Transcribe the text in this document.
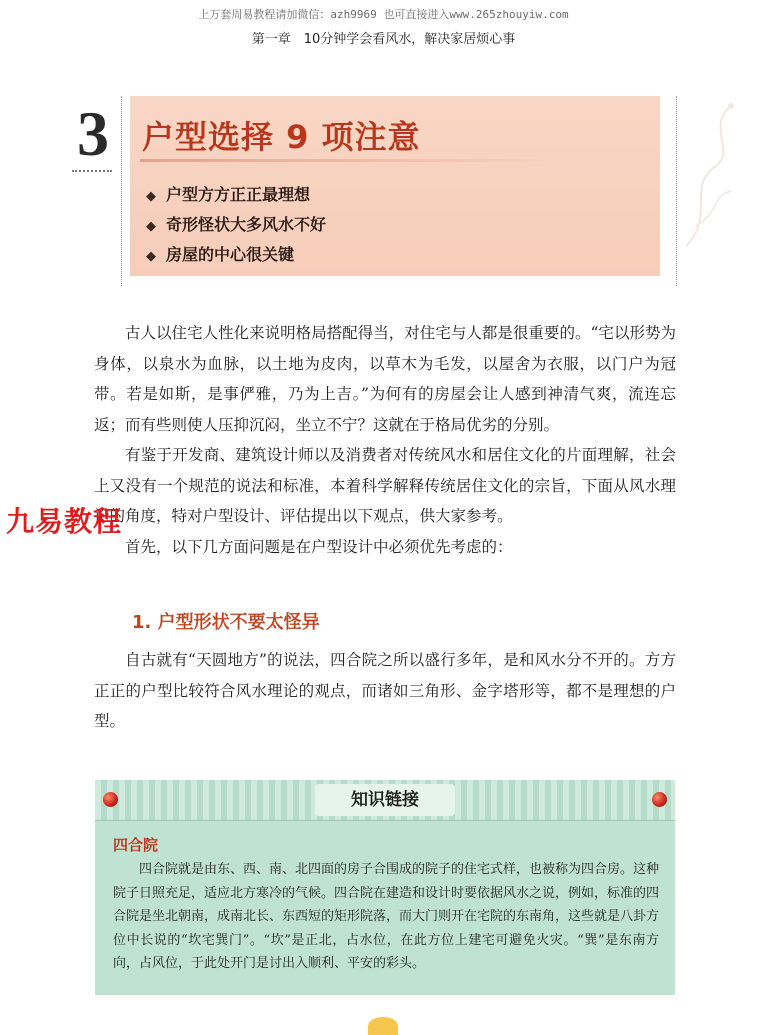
上万套周易教程请加微信：azh9969 也可直接进入www.265zhouyiw.com
第一章　10分钟学会看风水，解决家居烦心事
3 户型选择 9 项注意
◆ 户型方方正正最理想
◆ 奇形怪状大多风水不好
◆ 房屋的中心很关键

古人以住宅人性化来说明格局搭配得当，对住宅与人都是很重要的。“宅以形势为身体，以泉水为血脉，以土地为皮肉，以草木为毛发，以屋舍为衣服，以门户为冠带。若是如斯，是事俨雅，乃为上吉。”为何有的房屋会让人感到神清气爽，流连忘返；而有些则使人压抑沉闷，坐立不宁？这就在于格局优劣的分别。

有鉴于开发商、建筑设计师以及消费者对传统风水和居住文化的片面理解，社会上又没有一个规范的说法和标准，本着科学解释传统居住文化的宗旨，下面从风水理论的角度，特对户型设计、评估提出以下观点，供大家参考。

首先，以下几方面问题是在户型设计中必须优先考虑的：

九易教程
1. 户型形状不要太怪异

自古就有“天圆地方”的说法，四合院之所以盛行多年，是和风水分不开的。方方正正的户型比较符合风水理论的观点，而诸如三角形、金字塔形等，都不是理想的户型。

知识链接
四合院

四合院就是由东、西、南、北四面的房子合围成的院子的住宅式样，也被称为四合房。这种院子日照充足，适应北方寒冷的气候。四合院在建造和设计时要依据风水之说，例如，标准的四合院是坐北朝南，成南北长、东西短的矩形院落，而大门则开在宅院的东南角，这些就是八卦方位中长说的“坎宅巽门”。“坎”是正北，占水位，在此方位上建宅可避免火灾。“巽”是东南方向，占风位，于此处开门是讨出入顺利、平安的彩头。
